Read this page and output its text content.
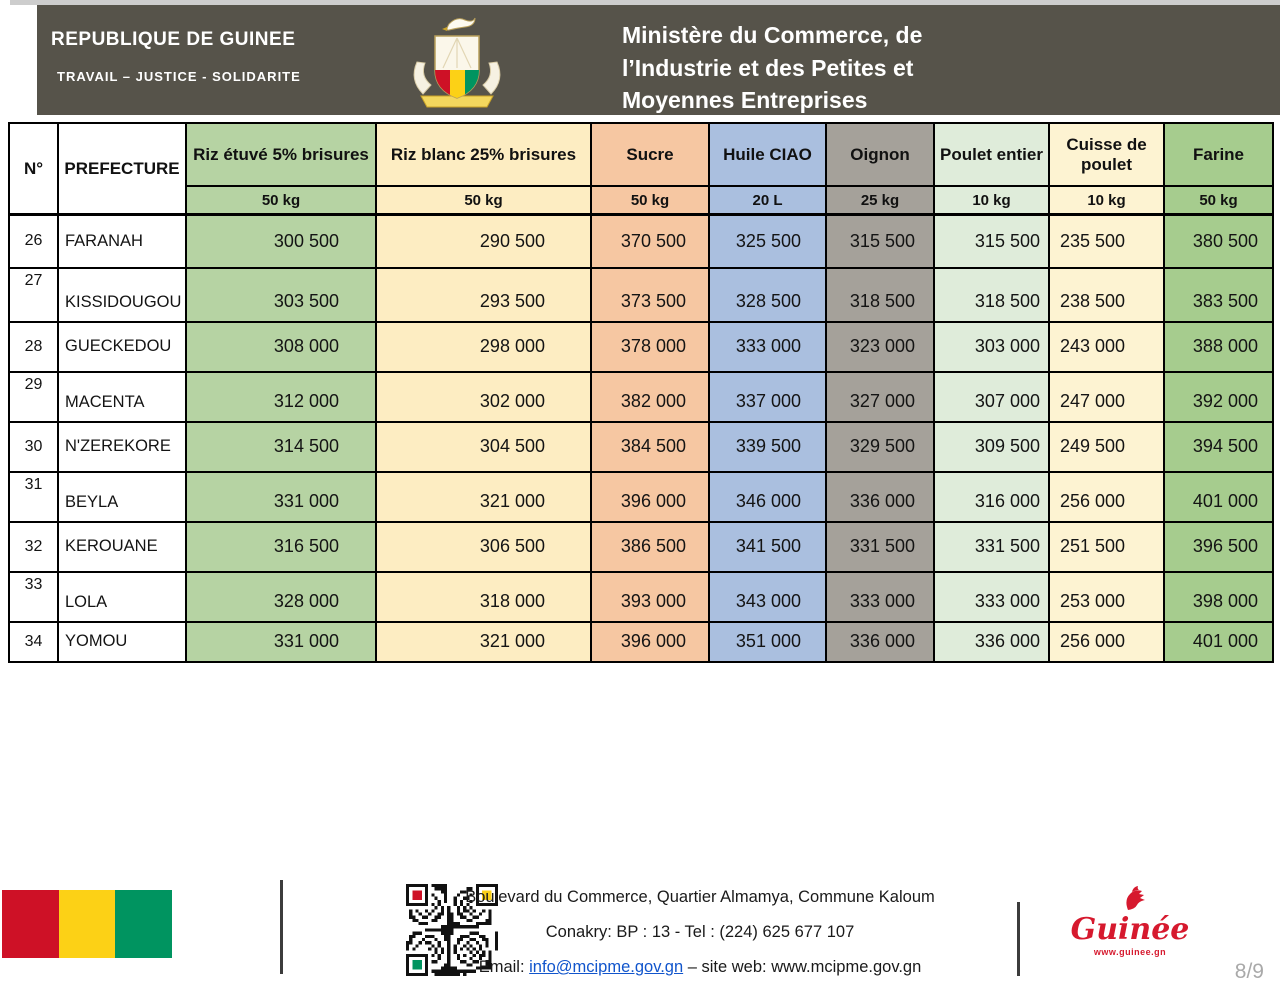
REPUBLIQUE DE GUINEE
TRAVAIL – JUSTICE - SOLIDARITE
Ministère du Commerce, de
l’Industrie et des Petites et
Moyennes Entreprises
N°	PREFECTURE	Riz étuvé 5% brisures	Riz blanc 25% brisures	Sucre	Huile CIAO	Oignon	Poulet entier	Cuisse de poulet	Farine
		50 kg	50 kg	50 kg	20 L	25 kg	10 kg	10 kg	50 kg
26	FARANAH	300 500	290 500	370 500	325 500	315 500	315 500	235 500	380 500
27	KISSIDOUGOU	303 500	293 500	373 500	328 500	318 500	318 500	238 500	383 500
28	GUECKEDOU	308 000	298 000	378 000	333 000	323 000	303 000	243 000	388 000
29	MACENTA	312 000	302 000	382 000	337 000	327 000	307 000	247 000	392 000
30	N'ZEREKORE	314 500	304 500	384 500	339 500	329 500	309 500	249 500	394 500
31	BEYLA	331 000	321 000	396 000	346 000	336 000	316 000	256 000	401 000
32	KEROUANE	316 500	306 500	386 500	341 500	331 500	331 500	251 500	396 500
33	LOLA	328 000	318 000	393 000	343 000	333 000	333 000	253 000	398 000
34	YOMOU	331 000	321 000	396 000	351 000	336 000	336 000	256 000	401 000
Boulevard du Commerce, Quartier Almamya, Commune Kaloum
Conakry: BP : 13 - Tel : (224) 625 677 107
Email: info@mcipme.gov.gn – site web: www.mcipme.gov.gn
Guinée
www.guinee.gn
8/9
